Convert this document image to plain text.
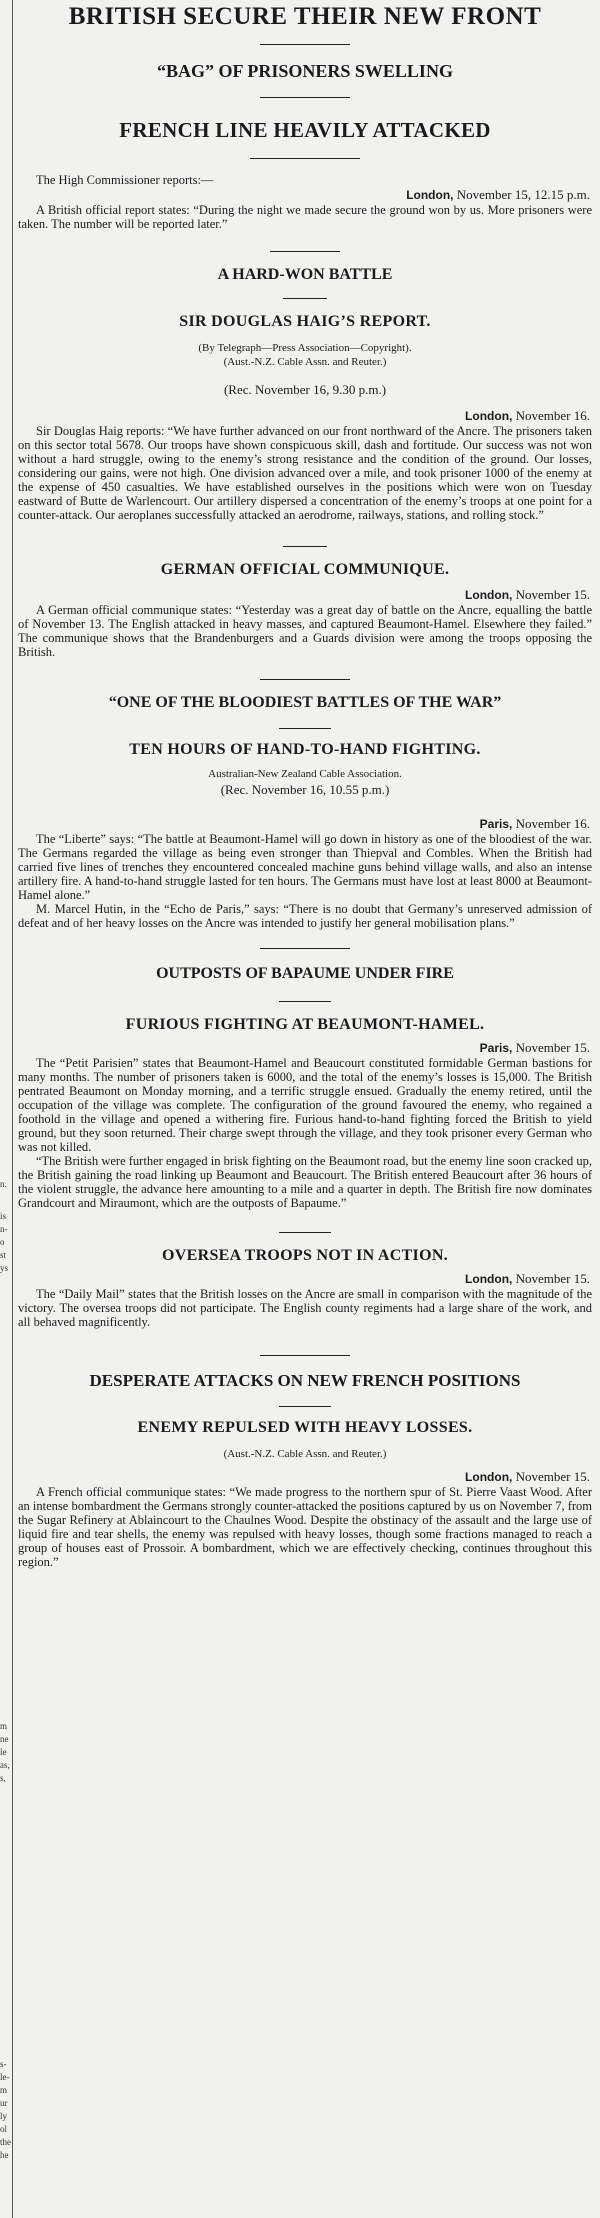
n.
is
n-
o
st
ys
m
ne
le
as,
s,
s-
le-
m
ur
ly
ol
the
he
BRITISH SECURE THEIR NEW FRONT
“BAG” OF PRISONERS SWELLING
FRENCH LINE HEAVILY ATTACKED

The High Commissioner reports:—

London, November 15, 12.15 p.m.

A British official report states: “During the night we made secure the ground won by us. More prisoners were taken. The number will be reported later.”

A HARD-WON BATTLE
SIR DOUGLAS HAIG’S REPORT.

(By Telegraph—Press Association—Copyright).

(Aust.-N.Z. Cable Assn. and Reuter.)

(Rec. November 16, 9.30 p.m.)

London, November 16.

Sir Douglas Haig reports: “We have further advanced on our front northward of the Ancre. The prisoners taken on this sector total 5678. Our troops have shown conspicuous skill, dash and fortitude. Our success was not won without a hard struggle, owing to the enemy’s strong resistance and the condition of the ground. Our losses, considering our gains, were not high. One division advanced over a mile, and took prisoner 1000 of the enemy at the expense of 450 casualties. We have established ourselves in the positions which were won on Tuesday eastward of Butte de Warlencourt. Our artillery dispersed a concentration of the enemy’s troops at one point for a counter-attack. Our aeroplanes successfully attacked an aerodrome, railways, stations, and rolling stock.”

GERMAN OFFICIAL COMMUNIQUE.

London, November 15.

A German official communique states: “Yesterday was a great day of battle on the Ancre, equalling the battle of November 13. The English attacked in heavy masses, and captured Beaumont-Hamel. Elsewhere they failed.” The communique shows that the Brandenburgers and a Guards division were among the troops opposing the British.

“ONE OF THE BLOODIEST BATTLES OF THE WAR”
TEN HOURS OF HAND-TO-HAND FIGHTING.

Australian-New Zealand Cable Association.

(Rec. November 16, 10.55 p.m.)

Paris, November 16.

The “Liberte” says: “The battle at Beaumont-Hamel will go down in history as one of the bloodiest of the war. The Germans regarded the village as being even stronger than Thiepval and Combles. When the British had carried five lines of trenches they encountered concealed machine guns behind village walls, and also an intense artillery fire. A hand-to-hand struggle lasted for ten hours. The Germans must have lost at least 8000 at Beaumont-Hamel alone.”

M. Marcel Hutin, in the “Echo de Paris,” says: “There is no doubt that Germany’s unreserved admission of defeat and of her heavy losses on the Ancre was intended to justify her general mobilisation plans.”

OUTPOSTS OF BAPAUME UNDER FIRE
FURIOUS FIGHTING AT BEAUMONT-HAMEL.

Paris, November 15.

The “Petit Parisien” states that Beaumont-Hamel and Beaucourt constituted formidable German bastions for many months. The number of prisoners taken is 6000, and the total of the enemy’s losses is 15,000. The British pentrated Beaumont on Monday morning, and a terrific struggle ensued. Gradually the enemy retired, until the occupation of the village was complete. The configuration of the ground favoured the enemy, who regained a foothold in the village and opened a withering fire. Furious hand-to-hand fighting forced the British to yield ground, but they soon returned. Their charge swept through the village, and they took prisoner every German who was not killed.

“The British were further engaged in brisk fighting on the Beaumont road, but the enemy line soon cracked up, the British gaining the road linking up Beaumont and Beaucourt. The British entered Beaucourt after 36 hours of the violent struggle, the advance here amounting to a mile and a quarter in depth. The British fire now dominates Grandcourt and Miraumont, which are the outposts of Bapaume.”

OVERSEA TROOPS NOT IN ACTION.

London, November 15.

The “Daily Mail” states that the British losses on the Ancre are small in comparison with the magnitude of the victory. The oversea troops did not participate. The English county regiments had a large share of the work, and all behaved magnificently.

DESPERATE ATTACKS ON NEW FRENCH POSITIONS
ENEMY REPULSED WITH HEAVY LOSSES.

(Aust.-N.Z. Cable Assn. and Reuter.)

London, November 15.

A French official communique states: “We made progress to the northern spur of St. Pierre Vaast Wood. After an intense bombardment the Germans strongly counter-attacked the positions captured by us on November 7, from the Sugar Refinery at Ablaincourt to the Chaulnes Wood. Despite the obstinacy of the assault and the large use of liquid fire and tear shells, the enemy was repulsed with heavy losses, though some fractions managed to reach a group of houses east of Prossoir. A bombardment, which we are effectively checking, continues throughout this region.”
